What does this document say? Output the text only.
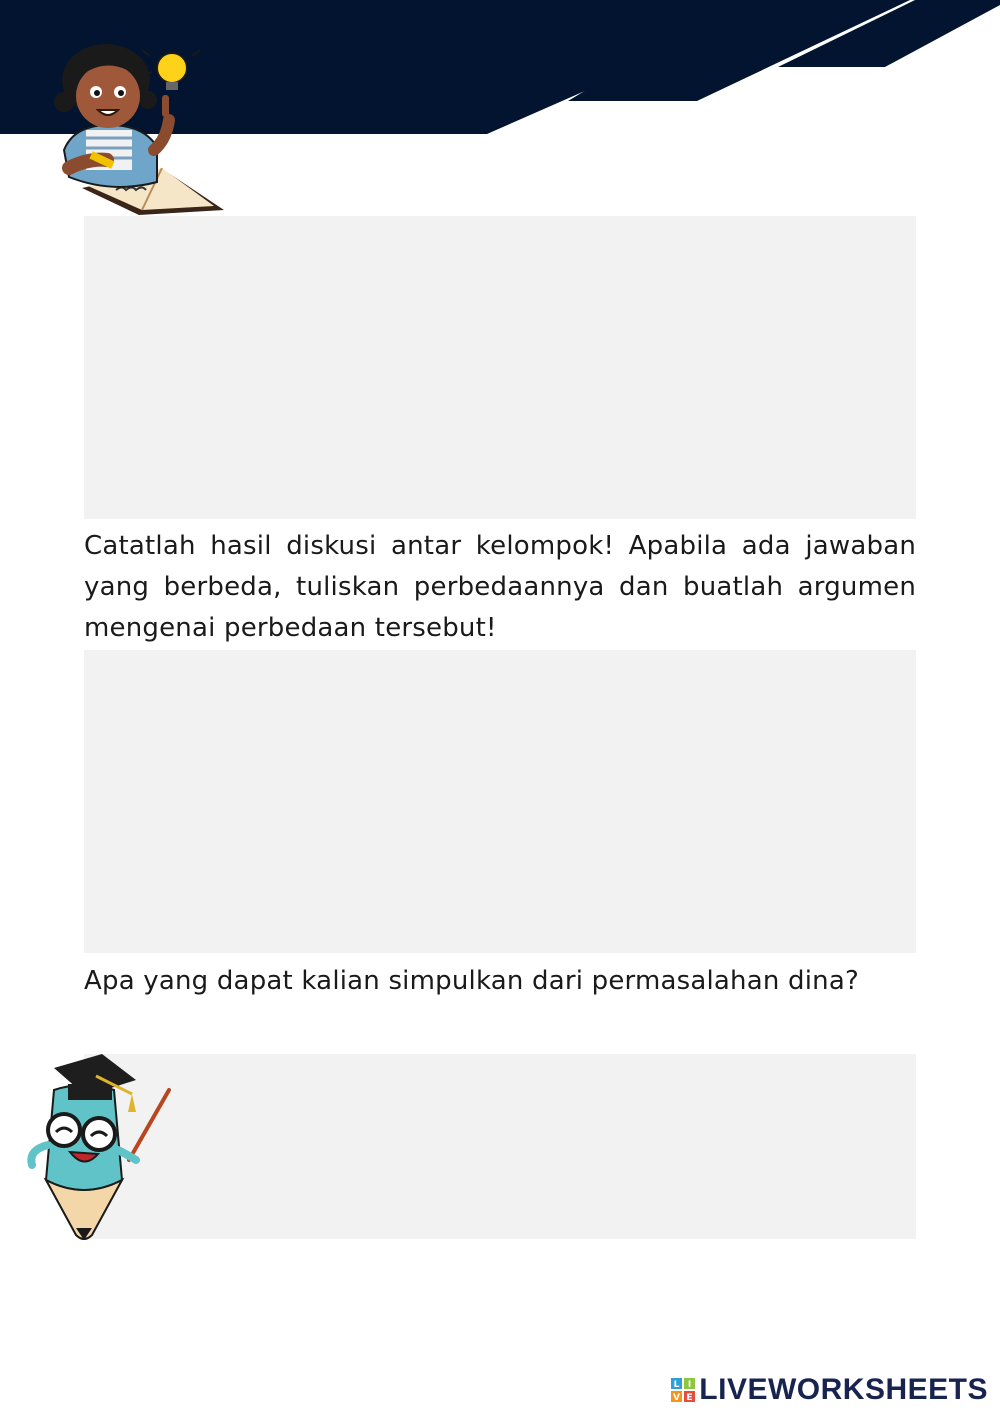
Catatlah hasil diskusi antar kelompok! Apabila ada jawaban yang berbeda, tuliskan perbedaannya dan buatlah argumen mengenai perbedaan tersebut!
Apa yang dapat kalian simpulkan dari permasalahan dina?
L I
V E LIVEWORKSHEETS
